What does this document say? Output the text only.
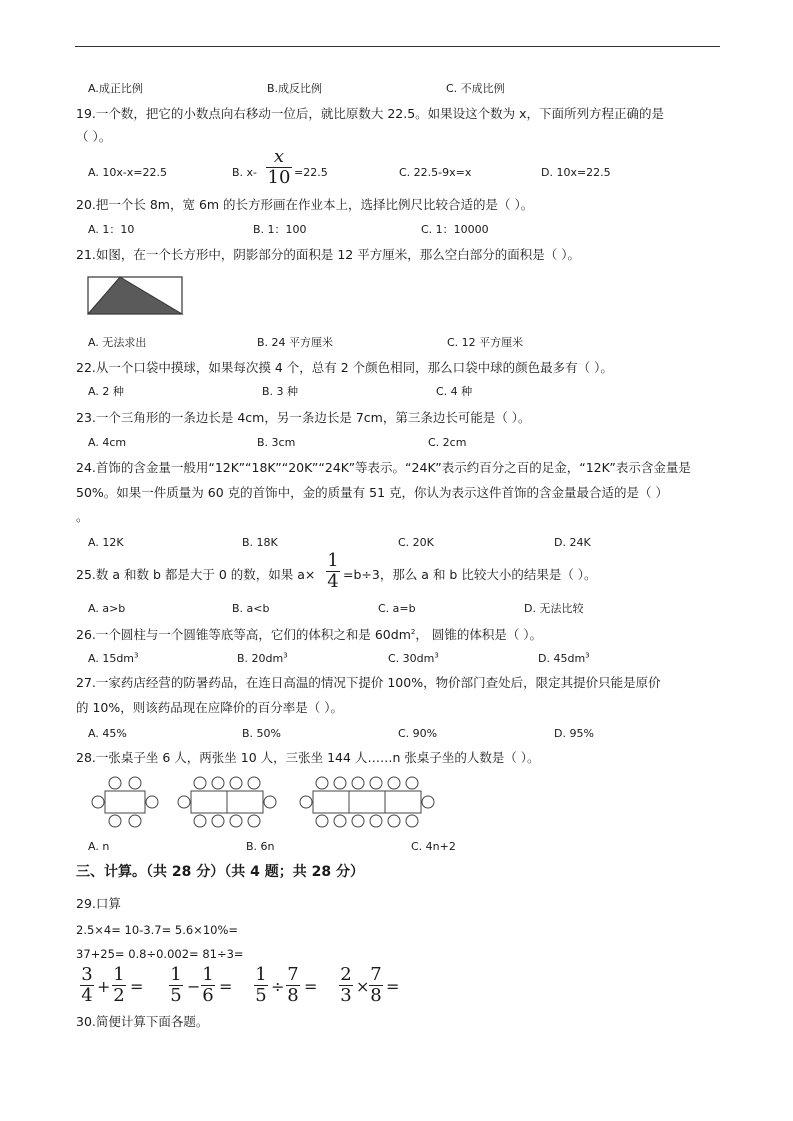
A.成正比例	B.成反比例	C. 不成比例
19.一个数，把它的小数点向右移动一位后，就比原数大 22.5。如果设这个数为 x，下面所列方程正确的是
（ ）。
A. 10x-x=22.5	B. x-
x
10 =22.5	C. 22.5-9x=x	D. 10x=22.5
20.把一个长 8m，宽 6m 的长方形画在作业本上，选择比例尺比较合适的是（ ）。
A. 1：10	B. 1：100	C. 1：10000
21.如图，在一个长方形中，阴影部分的面积是 12 平方厘米，那么空白部分的面积是（ ）。
A. 无法求出	B. 24 平方厘米	C. 12 平方厘米
22.从一个口袋中摸球，如果每次摸 4 个，总有 2 个颜色相同，那么口袋中球的颜色最多有（ ）。
A. 2 种	B. 3 种	C. 4 种
23.一个三角形的一条边长是 4cm，另一条边长是 7cm，第三条边长可能是（ ）。
A. 4cm	B. 3cm	C. 2cm
24.首饰的含金量一般用“12K”“18K”“20K”“24K”等表示。“24K”表示约百分之百的足金，“12K”表示含金量是
50%。如果一件质量为 60 克的首饰中，金的质量有 51 克，你认为表示这件首饰的含金量最合适的是（ ）
。
A. 12K	B. 18K	C. 20K	D. 24K
25.数 a 和数 b 都是大于 0 的数，如果 a×
1
4 =b÷3，那么 a 和 b 比较大小的结果是（ ）。
A. a>b	B. a<b	C. a=b	D. 无法比较
26.一个圆柱与一个圆锥等底等高，它们的体积之和是 $60dm^2$， 圆锥的体积是（ ）。
A. $15dm^3$	B. $20dm^3$	C. $30dm^3$	D. $45dm^3$
27.一家药店经营的防暑药品，在连日高温的情况下提价 100%，物价部门查处后，限定其提价只能是原价
的 10%，则该药品现在应降价的百分率是（ ）。
A. 45%	B. 50%	C. 90%	D. 95%
28.一张桌子坐 6 人，两张坐 10 人，三张坐 144 人……n 张桌子坐的人数是（ ）。
A. n	B. 6n	C. 4n+2
三、计算。（共 28 分）（共 4 题；共 28 分）
29.口算
2.5×4= 10-3.7= 5.6×10%=
37+25= 0.8÷0.002= 81÷3=
3
4 +
1
2 =
1
5 −
1
6 =
1
5 ÷
7
8 =
2
3 ×
7
8 =
30.简便计算下面各题。
